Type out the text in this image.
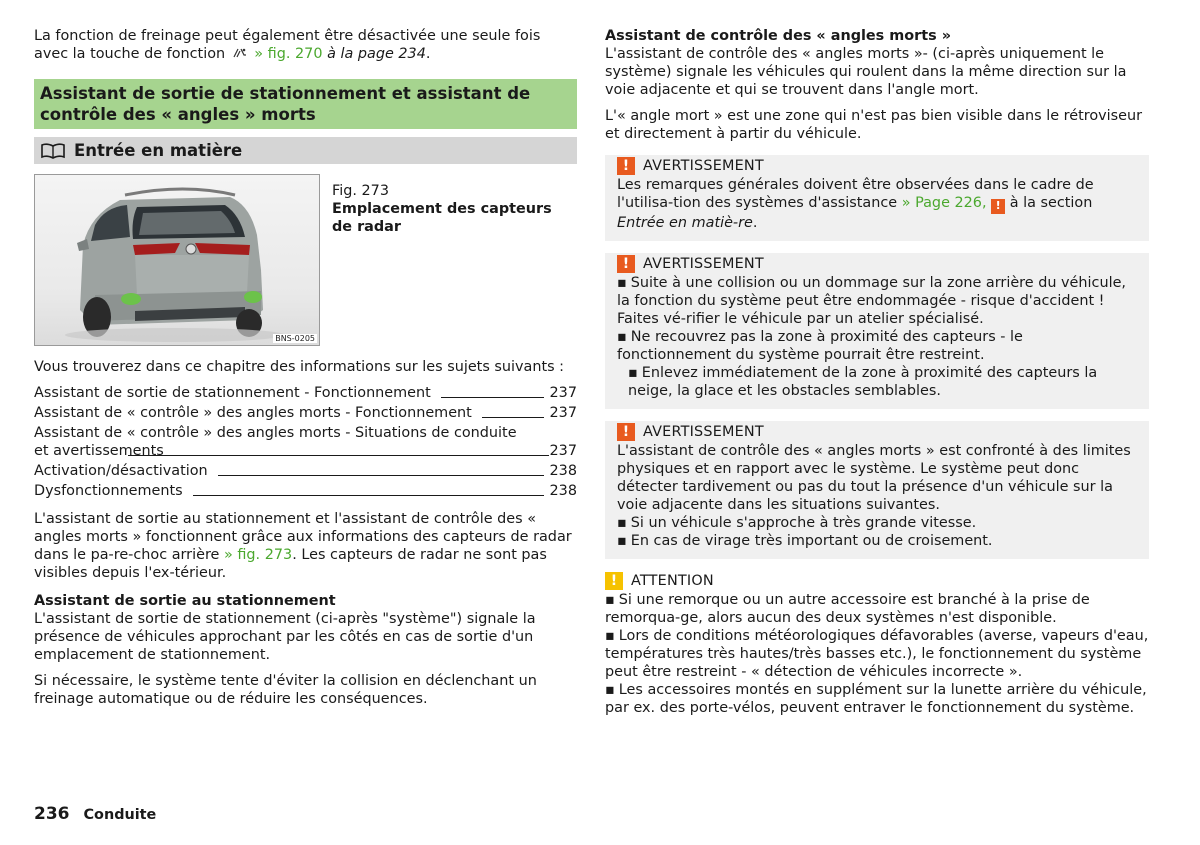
La fonction de freinage peut également être désactivée une seule fois avec la touche de fonction » fig. 270 à la page 234.

Assistant de sortie de stationnement et assistant de contrôle des « angles » morts
Entrée en matière
BNS-0205
Fig. 273
Emplacement des capteurs de radar

Vous trouverez dans ce chapitre des informations sur les sujets suivants :

Assistant de sortie de stationnement - Fonctionnement	237
Assistant de « contrôle » des angles morts - Fonctionnement	237
Assistant de « contrôle » des angles morts - Situations de conduite et avertissements	237
Activation/désactivation	238
Dysfonctionnements	238

L'assistant de sortie au stationnement et l'assistant de contrôle des « angles morts » fonctionnent grâce aux informations des capteurs de radar dans le pa-re-choc arrière » fig. 273. Les capteurs de radar ne sont pas visibles depuis l'ex-térieur.

Assistant de sortie au stationnement

L'assistant de sortie de stationnement (ci-après "système") signale la présence de véhicules approchant par les côtés en cas de sortie d'un emplacement de stationnement.

Si nécessaire, le système tente d'éviter la collision en déclenchant un freinage automatique ou de réduire les conséquences.

Assistant de contrôle des « angles morts »

L'assistant de contrôle des « angles morts »- (ci-après uniquement le système) signale les véhicules qui roulent dans la même direction sur la voie adjacente et qui se trouvent dans l'angle mort.

L'« angle mort » est une zone qui n'est pas bien visible dans le rétroviseur et directement à partir du véhicule.

! AVERTISSEMENT
Les remarques générales doivent être observées dans le cadre de l'utilisa-tion des systèmes d'assistance » Page 226, ! à la section Entrée en matiè-re.
! AVERTISSEMENT
▪ Suite à une collision ou un dommage sur la zone arrière du véhicule, la fonction du système peut être endommagée - risque d'accident ! Faites vé-rifier le véhicule par un atelier spécialisé.
▪ Ne recouvrez pas la zone à proximité des capteurs - le fonctionnement du système pourrait être restreint.
▪ Enlevez immédiatement de la zone à proximité des capteurs la neige, la glace et les obstacles semblables.
! AVERTISSEMENT
L'assistant de contrôle des « angles morts » est confronté à des limites physiques et en rapport avec le système. Le système peut donc détecter tardivement ou pas du tout la présence d'un véhicule sur la voie adjacente dans les situations suivantes.
▪ Si un véhicule s'approche à très grande vitesse.
▪ En cas de virage très important ou de croisement.
! ATTENTION
▪ Si une remorque ou un autre accessoire est branché à la prise de remorqua-ge, alors aucun des deux systèmes n'est disponible.
▪ Lors de conditions météorologiques défavorables (averse, vapeurs d'eau, températures très hautes/très basses etc.), le fonctionnement du système peut être restreint - « détection de véhicules incorrecte ».
▪ Les accessoires montés en supplément sur la lunette arrière du véhicule, par ex. des porte-vélos, peuvent entraver le fonctionnement du système.
236 Conduite
